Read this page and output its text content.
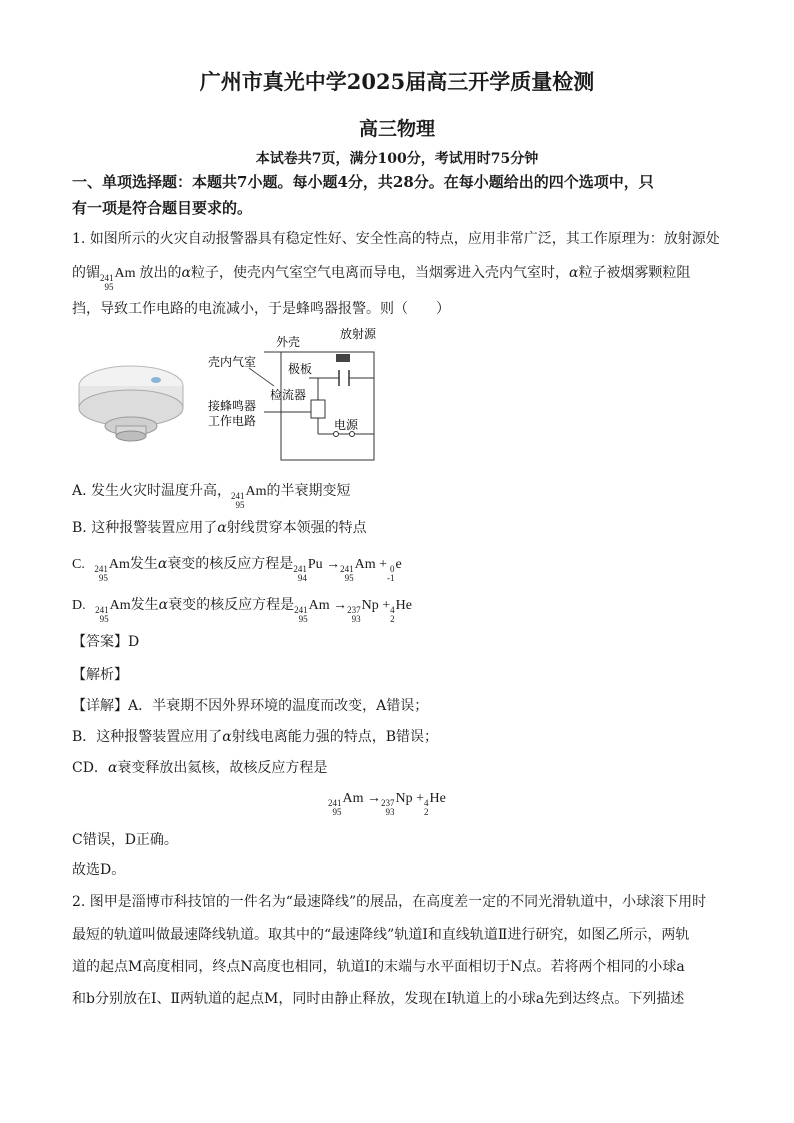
广州市真光中学2025届高三开学质量检测
高三物理
本试卷共7页，满分100分，考试用时75分钟
一、单项选择题：本题共7小题。每小题4分，共28分。在每小题给出的四个选项中，只
有一项是符合题目要求的。
1. 如图所示的火灾自动报警器具有稳定性好、安全性高的特点，应用非常广泛，其工作原理为：放射源处
的镅 241
95
Am 放出的α粒子，使壳内气室空气电离而导电，当烟雾进入壳内气室时，α粒子被烟雾颗粒阻
挡，导致工作电路的电流减小，于是蜂鸣器报警。则（　　）
外壳
放射源
壳内气室	极板
检流器
接蜂鸣器
工作电路	电源
A. 发生火灾时温度升高， 241
95
Am的半衰期变短
B. 这种报警装置应用了α射线贯穿本领强的特点
C. 241
95
Am发生α衰变的核反应方程是 241
94
Pu → 241
95
Am + 0
-1
e
D. 241
95
Am发生α衰变的核反应方程是 241
95
Am → 237
93
Np + 4
2
He
【答案】D
【解析】
【详解】A．半衰期不因外界环境的温度而改变，A错误；
B．这种报警装置应用了α射线电离能力强的特点，B错误；
CD．α衰变释放出氦核，故核反应方程是
241
95
Am → 237
93
Np + 4
2
He
C错误，D正确。
故选D。
2. 图甲是淄博市科技馆的一件名为“最速降线”的展品，在高度差一定的不同光滑轨道中，小球滚下用时
最短的轨道叫做最速降线轨道。取其中的“最速降线”轨道Ⅰ和直线轨道Ⅱ进行研究，如图乙所示，两轨
道的起点M高度相同，终点N高度也相同，轨道Ⅰ的末端与水平面相切于N点。若将两个相同的小球a
和b分别放在Ⅰ、Ⅱ两轨道的起点M，同时由静止释放，发现在Ⅰ轨道上的小球a先到达终点。下列描述
